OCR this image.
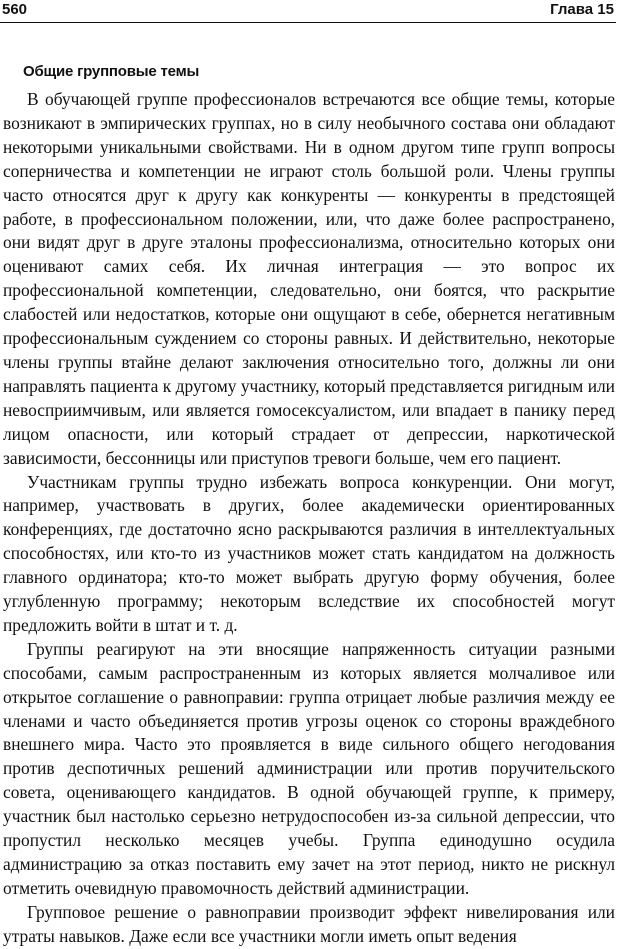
560	Глава 15
Общие групповые темы

В обучающей группе профессионалов встречаются все общие темы, которые возникают в эмпирических группах, но в силу необычного состава они обладают некоторыми уникальными свойствами. Ни в одном другом типе групп вопросы соперничества и компетенции не играют столь большой роли. Члены группы часто относятся друг к другу как конкуренты — конкуренты в предстоящей работе, в профессиональном положении, или, что даже более распространено, они видят друг в друге эталоны профессионализма, относительно которых они оценивают самих себя. Их личная интеграция — это вопрос их профессиональной компетенции, следовательно, они боятся, что раскрытие слабостей или недостатков, которые они ощущают в себе, обернется негативным профессиональным суждением со стороны равных. И действительно, некоторые члены группы втайне делают заключения относительно того, должны ли они направлять пациента к другому участнику, который представляется ригидным или невосприимчивым, или является гомосексуалистом, или впадает в панику перед лицом опасности, или который страдает от депрессии, наркотической зависимости, бессонницы или приступов тревоги больше, чем его пациент.

Участникам группы трудно избежать вопроса конкуренции. Они могут, например, участвовать в других, более академически ориентированных конференциях, где достаточно ясно раскрываются различия в интеллектуальных способностях, или кто-то из участников может стать кандидатом на должность главного ординатора; кто-то может выбрать другую форму обучения, более углубленную программу; некоторым вследствие их способностей могут предложить войти в штат и т. д.

Группы реагируют на эти вносящие напряженность ситуации разными способами, самым распространенным из которых является молчаливое или открытое соглашение о равноправии: группа отрицает любые различия между ее членами и часто объединяется против угрозы оценок со стороны враждебного внешнего мира. Часто это проявляется в виде сильного общего негодования против деспотичных решений администрации или против поручительского совета, оценивающего кандидатов. В одной обучающей группе, к примеру, участник был настолько серьезно нетрудоспособен из-за сильной депрессии, что пропустил несколько месяцев учебы. Группа единодушно осудила администрацию за отказ поставить ему зачет на этот период, никто не рискнул отметить очевидную правомочность действий администрации.

Групповое решение о равноправии производит эффект нивелирования или утраты навыков. Даже если все участники могли иметь опыт ведения
